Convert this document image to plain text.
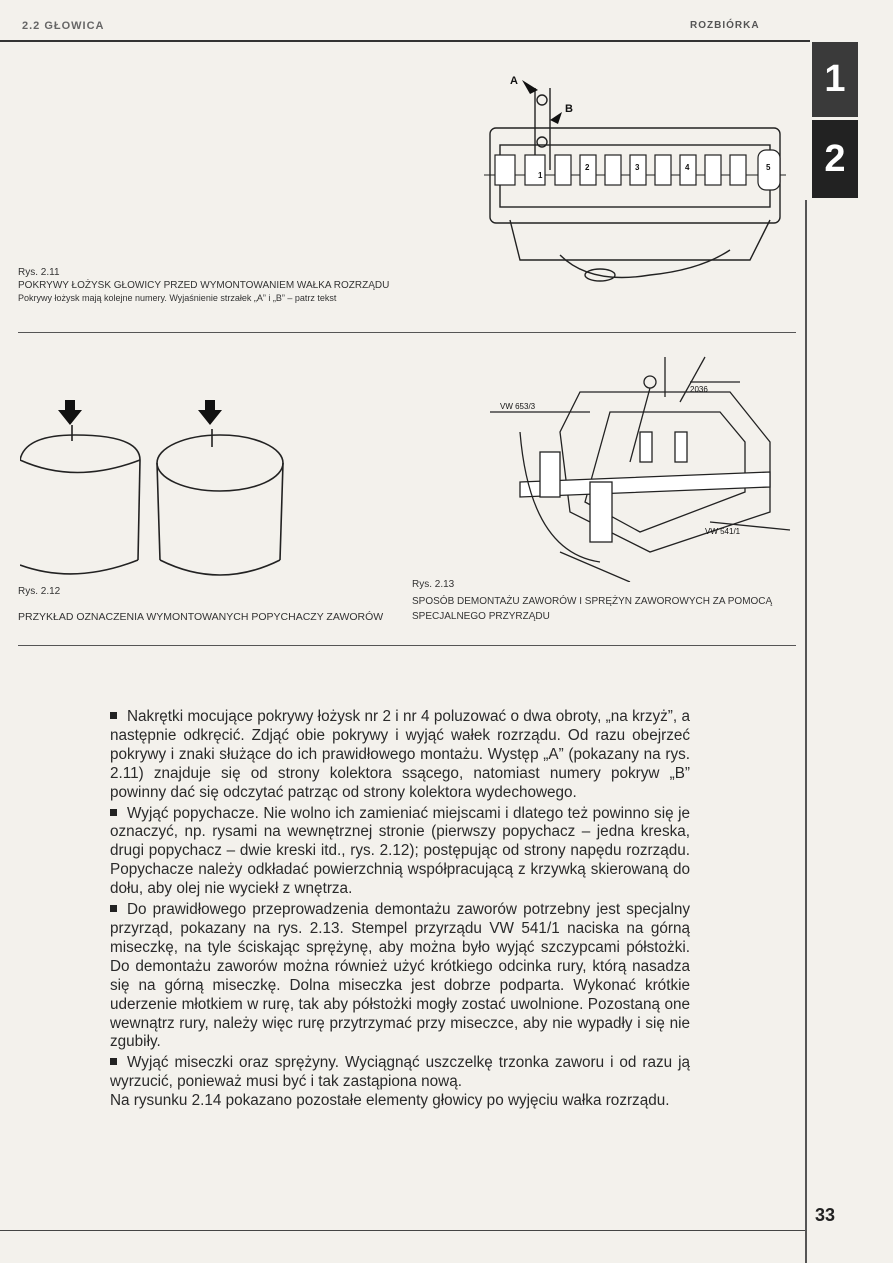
2.2 GŁOWICA	ROZBIÓRKA
1
2
A
B
1
2	3	4	5
Rys. 2.11
POKRYWY ŁOŻYSK GŁOWICY PRZED WYMONTOWANIEM WAŁKA ROZRZĄDU
Pokrywy łożysk mają kolejne numery. Wyjaśnienie strzałek „A” i „B” – patrz tekst
Rys. 2.12
PRZYKŁAD OZNACZENIA WYMONTOWANYCH POPYCHACZY ZAWORÓW
VW 653/3
2036
VW 541/1
Rys. 2.13
SPOSÓB DEMONTAŻU ZAWORÓW I SPRĘŻYN ZAWOROWYCH ZA POMOCĄ
SPECJALNEGO PRZYRZĄDU

Nakrętki mocujące pokrywy łożysk nr 2 i nr 4 poluzować o dwa obroty, „na krzyż”, a następnie odkręcić. Zdjąć obie pokrywy i wyjąć wałek rozrządu. Od razu obejrzeć pokrywy i znaki służące do ich prawidłowego montażu. Występ „A” (pokazany na rys. 2.11) znajduje się od strony kolektora ssącego, natomiast numery pokryw „B” powinny dać się odczytać patrząc od strony kolektora wydechowego.

Wyjąć popychacze. Nie wolno ich zamieniać miejscami i dlatego też powinno się je oznaczyć, np. rysami na wewnętrznej stronie (pierwszy popychacz – jedna kreska, drugi popychacz – dwie kreski itd., rys. 2.12); postępując od strony napędu rozrządu. Popychacze należy odkładać powierzchnią współpracującą z krzywką skierowaną do dołu, aby olej nie wyciekł z wnętrza.

Do prawidłowego przeprowadzenia demontażu zaworów potrzebny jest specjalny przyrząd, pokazany na rys. 2.13. Stempel przyrządu VW 541/1 naciska na górną miseczkę, na tyle ściskając sprężynę, aby można było wyjąć szczypcami półstożki. Do demontażu zaworów można również użyć krótkiego odcinka rury, którą nasadza się na górną miseczkę. Dolna miseczka jest dobrze podparta. Wykonać krótkie uderzenie młotkiem w rurę, tak aby półstożki mogły zostać uwolnione. Pozostaną one wewnątrz rury, należy więc rurę przytrzymać przy miseczce, aby nie wypadły i się nie zgubiły.

Wyjąć miseczki oraz sprężyny. Wyciągnąć uszczelkę trzonka zaworu i od razu ją wyrzucić, ponieważ musi być i tak zastąpiona nową.

Na rysunku 2.14 pokazano pozostałe elementy głowicy po wyjęciu wałka rozrządu.

33
